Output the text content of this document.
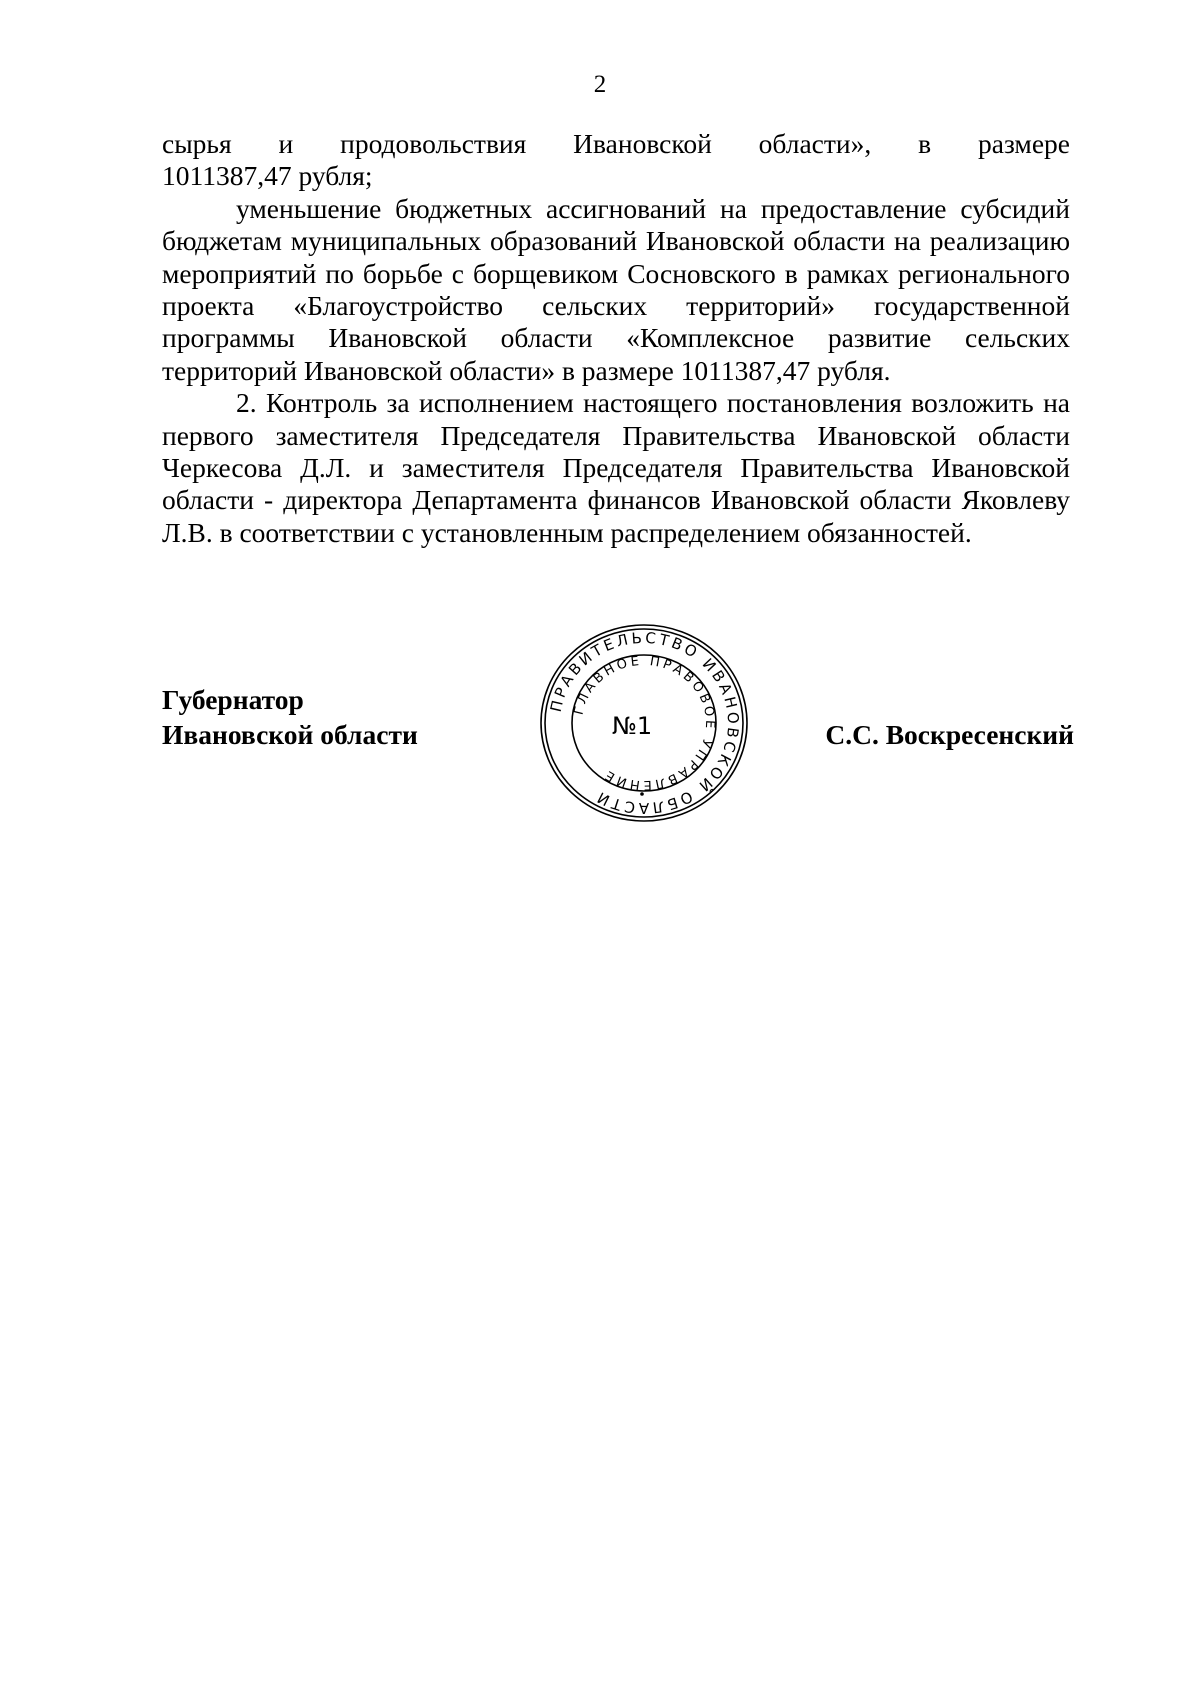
2

сырья и продовольствия Ивановской области», в размере

1011387,47 рубля;

уменьшение бюджетных ассигнований на предоставление субсидий бюджетам муниципальных образований Ивановской области на реализацию мероприятий по борьбе с борщевиком Сосновского в рамках регионального проекта «Благоустройство сельских территорий» государственной программы Ивановской области «Комплексное развитие сельских территорий Ивановской области» в размере 1011387,47 рубля.

2. Контроль за исполнением настоящего постановления возложить на первого заместителя Председателя Правительства Ивановской области Черкесова Д.Л. и заместителя Председателя Правительства Ивановской области - директора Департамента финансов Ивановской области Яковлеву Л.В. в соответствии с установленным распределением обязанностей.

Губернатор
Ивановской области
ПРАВИТЕЛЬСТВО ИВАНОВСКОЙ ОБЛАСТИ
ГЛАВНОЕ ПРАВОВОЕ УПРАВЛЕНИЕ
№1	С.С. Воскресенский
